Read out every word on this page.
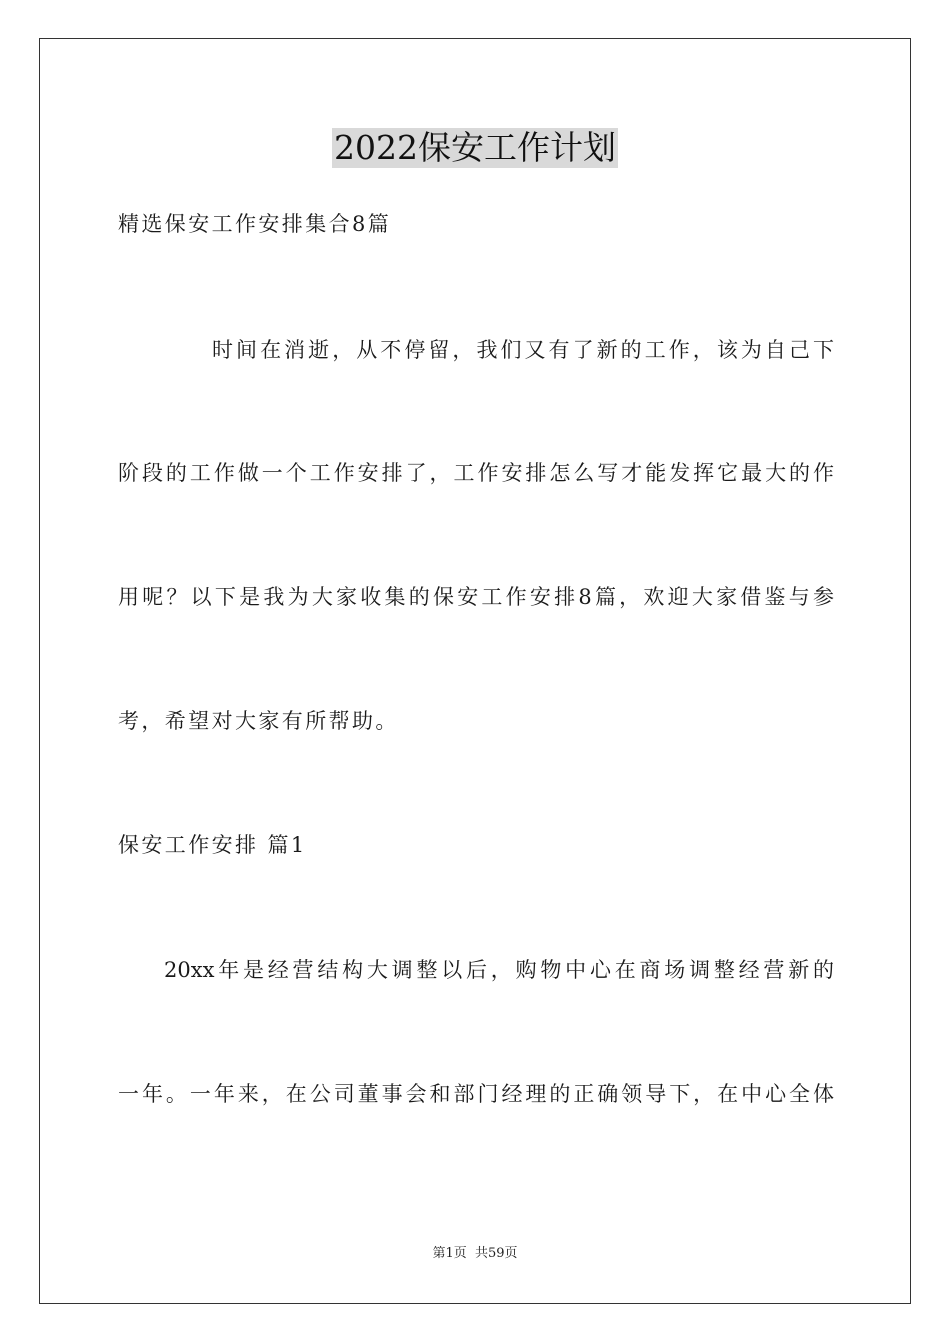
2022保安工作计划
精选保安工作安排集合8篇
时间在消逝，从不停留，我们又有了新的工作，该为自己下
阶段的工作做一个工作安排了，工作安排怎么写才能发挥它最大的作
用呢？以下是我为大家收集的保安工作安排8篇，欢迎大家借鉴与参
考，希望对大家有所帮助。
保安工作安排 篇1
20xx年是经营结构大调整以后，购物中心在商场调整经营新的
一年。一年来，在公司董事会和部门经理的正确领导下，在中心全体
第1页 共59页
